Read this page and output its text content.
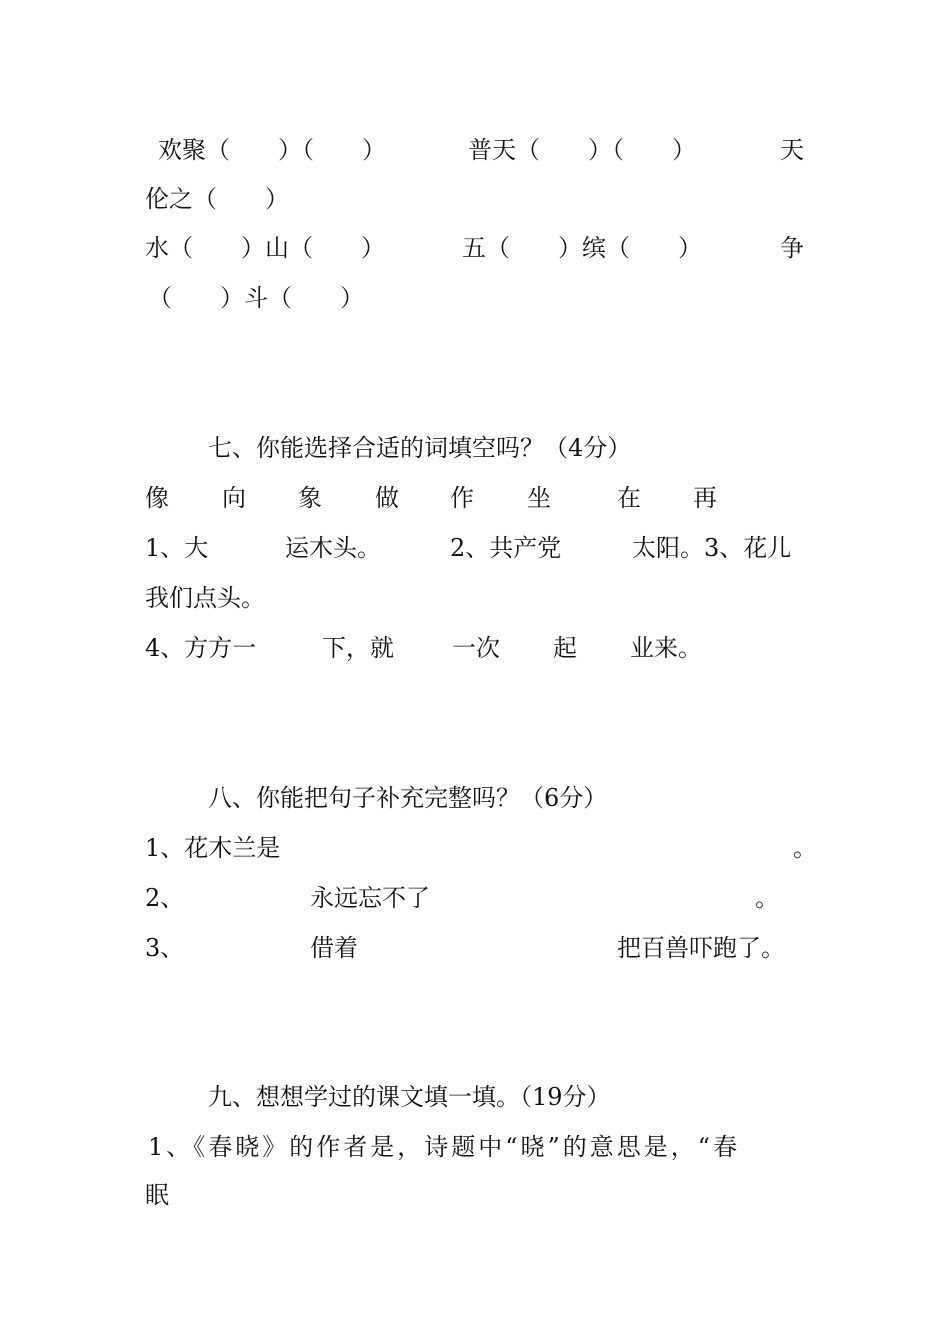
欢聚（　　）（　　）	普天（　　）（　　）	天

伦之（　　）

水（　　）山（　　）	五（　　）缤（　　）	争

（　　）斗（　　）

七、你能选择合适的词填空吗？（4分）

像 向 象 做 作 坐	在 再

1、大	运木头。	2、共产党	太阳。3、花儿

我们点头。

4、方方一	下，就 一次 起 业来。

八、你能把句子补充完整吗？（6分）

1、花木兰是	。

2、	永远忘不了	。

3、	借着	把百兽吓跑了。

九、想想学过的课文填一填。（19分）

1、《春晓》的作者是，诗题中“晓”的意思是，“春

眠
